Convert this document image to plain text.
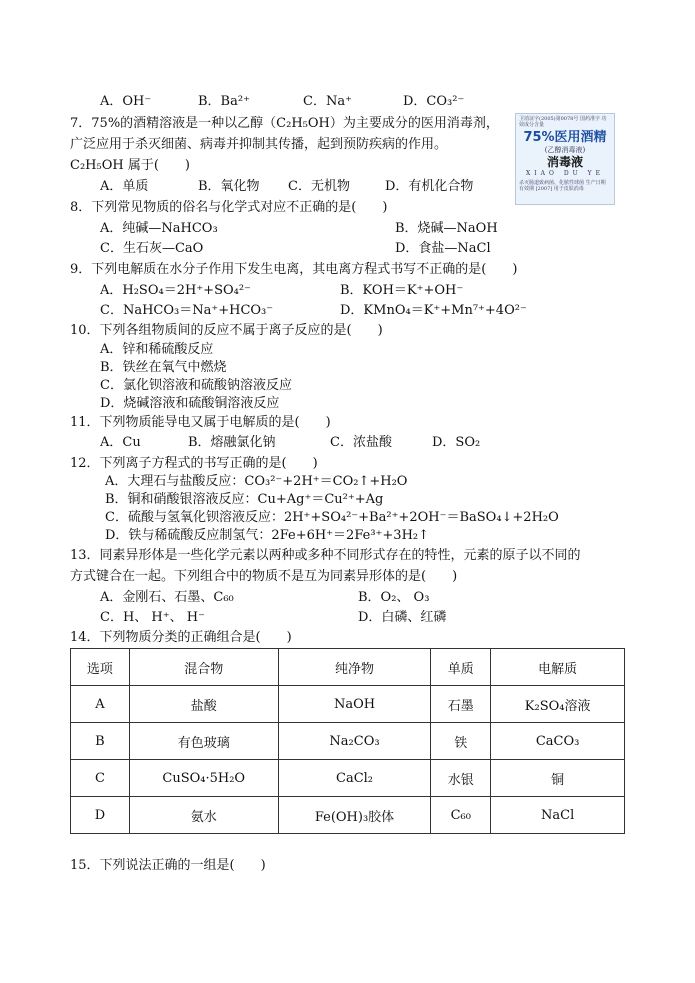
A．OH⁻	B．Ba²⁺	C．Na⁺	D．CO₃²⁻
7．75%的酒精溶液是一种以乙醇（C₂H₅OH）为主要成分的医用消毒剂，
广泛应用于杀灭细菌、病毒并抑制其传播，起到预防疾病的作用。
C₂H₅OH 属于(　　)
A．单质	B．氧化物 C．无机物	D．有机化合物
卫消证字(2005)第0078号 国药准字 功效成分含量
75%医用酒精
(乙醇消毒液)
消毒液
XIAO DU YE
杀灭肠道致病菌、化脓性球菌 生产日期 有效期 [2007] 用于皮肤消毒
8．下列常见物质的俗名与化学式对应不正确的是(　　)
A．纯碱—NaHCO₃	B．烧碱—NaOH
C．生石灰—CaO	D．食盐—NaCl
9．下列电解质在水分子作用下发生电离，其电离方程式书写不正确的是(　　)
A．H₂SO₄＝2H⁺+SO₄²⁻	B．KOH＝K⁺+OH⁻
C．NaHCO₃＝Na⁺+HCO₃⁻	D．KMnO₄＝K⁺+Mn⁷⁺+4O²⁻
10．下列各组物质间的反应不属于离子反应的是(　　)
A．锌和稀硫酸反应
B．铁丝在氧气中燃烧
C．氯化钡溶液和硫酸钠溶液反应
D．烧碱溶液和硫酸铜溶液反应
11．下列物质能导电又属于电解质的是(　　)
A．Cu	B．熔融氯化钠	C．浓盐酸	D．SO₂
12．下列离子方程式的书写正确的是(　　)
A．大理石与盐酸反应：CO₃²⁻+2H⁺＝CO₂↑+H₂O
B．铜和硝酸银溶液反应：Cu+Ag⁺＝Cu²⁺+Ag
C．硫酸与氢氧化钡溶液反应：2H⁺+SO₄²⁻+Ba²⁺+2OH⁻＝BaSO₄↓+2H₂O
D．铁与稀硫酸反应制氢气：2Fe+6H⁺＝2Fe³⁺+3H₂↑
13．同素异形体是一些化学元素以两种或多种不同形式存在的特性，元素的原子以不同的
方式键合在一起。下列组合中的物质不是互为同素异形体的是(　　)
A．金刚石、石墨、C₆₀	B．O₂、 O₃
C．H、 H⁺、 H⁻	D．白磷、红磷
14．下列物质分类的正确组合是(　　)
选项	混合物	纯净物	单质	电解质
A	盐酸	NaOH	石墨	K₂SO₄溶液
B	有色玻璃	Na₂CO₃	铁	CaCO₃
C	CuSO₄·5H₂O	CaCl₂	水银	铜
D	氨水	Fe(OH)₃胶体	C₆₀	NaCl
15．下列说法正确的一组是(　　)
